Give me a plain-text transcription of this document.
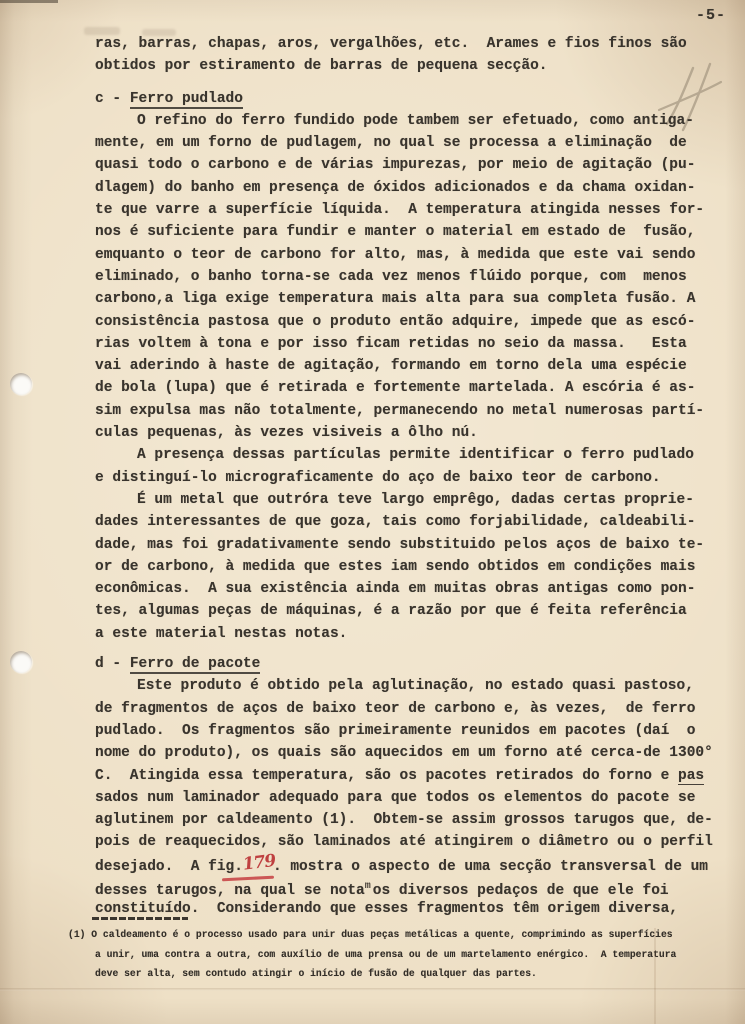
-5-
ras, barras, chapas, aros, vergalhões, etc.  Arames e fios finos são
obtidos por estiramento de barras de pequena secção.
c - Ferro pudlado
O refino do ferro fundido pode tambem ser efetuado, como antiga-
mente, em um forno de pudlagem, no qual se processa a eliminação  de
quasi todo o carbono e de várias impurezas, por meio de agitação (pu-
dlagem) do banho em presença de óxidos adicionados e da chama oxidan-
te que varre a superfície líquida.  A temperatura atingida nesses for-
nos é suficiente para fundir e manter o material em estado de  fusão,
emquanto o teor de carbono for alto, mas, à medida que este vai sendo
eliminado, o banho torna-se cada vez menos flúido porque, com  menos
carbono,a liga exige temperatura mais alta para sua completa fusão. A
consistência pastosa que o produto então adquire, impede que as escó-
rias voltem à tona e por isso ficam retidas no seio da massa.   Esta
vai aderindo à haste de agitação, formando em torno dela uma espécie
de bola (lupa) que é retirada e fortemente martelada. A escória é as-
sim expulsa mas não totalmente, permanecendo no metal numerosas partí-
culas pequenas, às vezes visiveis a ôlho nú.
A presença dessas partículas permite identificar o ferro pudlado
e distinguí-lo micrograficamente do aço de baixo teor de carbono.
É um metal que outróra teve largo emprêgo, dadas certas proprie-
dades interessantes de que goza, tais como forjabilidade, caldeabili-
dade, mas foi gradativamente sendo substituido pelos aços de baixo te-
or de carbono, à medida que estes iam sendo obtidos em condições mais
econômicas.  A sua existência ainda em muitas obras antigas como pon-
tes, algumas peças de máquinas, é a razão por que é feita referência
a este material nestas notas.
d - Ferro de pacote
Este produto é obtido pela aglutinação, no estado quasi pastoso,
de fragmentos de aços de baixo teor de carbono e, às vezes,  de ferro
pudlado.  Os fragmentos são primeiramente reunidos em pacotes (daí  o
nome do produto), os quais são aquecidos em um forno até cerca-de 1300°
C.  Atingida essa temperatura, são os pacotes retirados do forno e pas
sados num laminador adequado para que todos os elementos do pacote se
aglutinem por caldeamento (1).  Obtem-se assim grossos tarugos que, de-
pois de reaquecidos, são laminados até atingirem o diâmetro ou o perfil
desejado.  A fig.179. mostra o aspecto de uma secção transversal de um
desses tarugos, na qual se notam os diversos pedaços de que ele foi
constituído.  Considerando que esses fragmentos têm origem diversa,
(1) O caldeamento é o processo usado para unir duas peças metálicas a quente, comprimindo as superfícies
a unir, uma contra a outra, com auxílio de uma prensa ou de um martelamento enérgico.  A temperatura
deve ser alta, sem contudo atingir o início de fusão de qualquer das partes.
